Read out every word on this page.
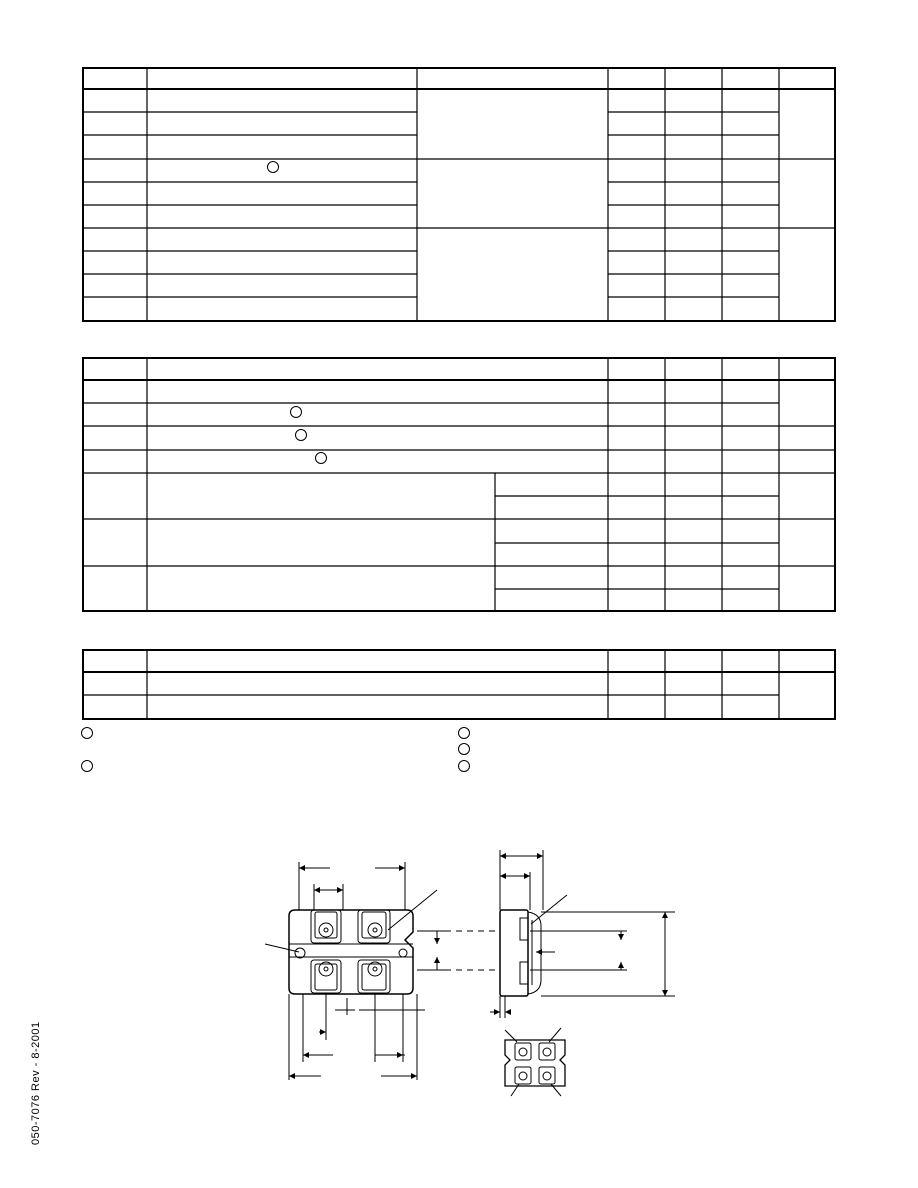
050-7076 Rev - 8-2001
